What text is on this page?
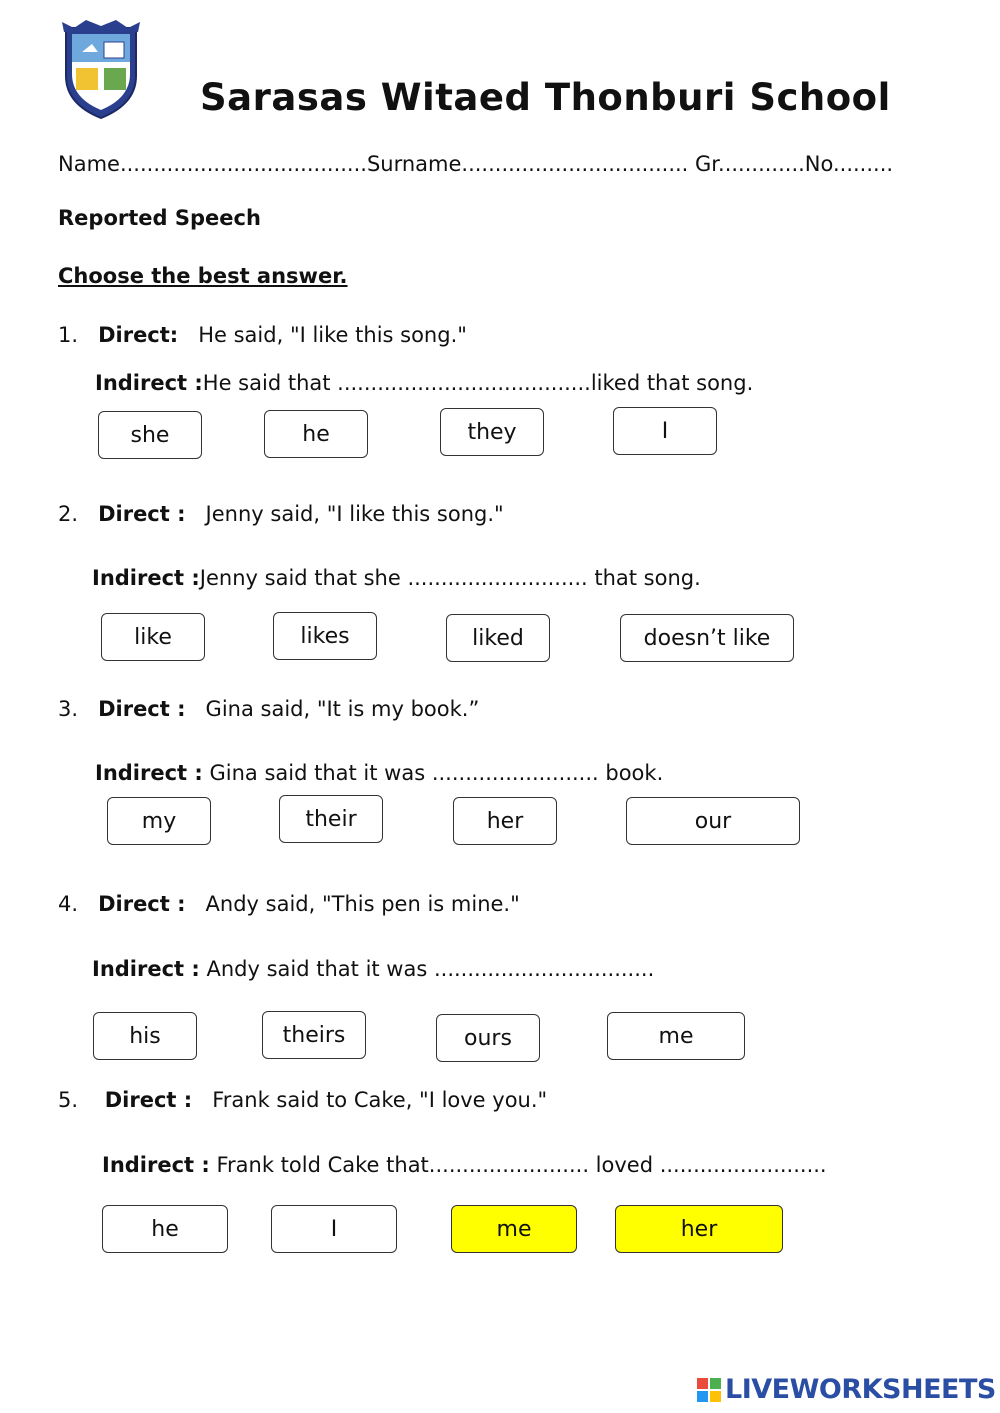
Sarasas Witaed Thonburi School
Name.....................................Surname.................................. Gr.............No.........
Reported Speech
Choose the best answer.
1. Direct: He said, "I like this song."
Indirect :He said that ......................................liked that song.
she	he	they	I
2. Direct : Jenny said, "I like this song."
Indirect :Jenny said that she ........................... that song.
like	likes	liked	doesn’t like
3. Direct : Gina said, "It is my book.”
Indirect : Gina said that it was ......................... book.
my	their	her	our
4. Direct : Andy said, "This pen is mine."
Indirect : Andy said that it was .................................
his	theirs	ours	me
5. Direct : Frank said to Cake, "I love you."
Indirect : Frank told Cake that........................ loved .........................
he	I	me	her
LIVEWORKSHEETS
